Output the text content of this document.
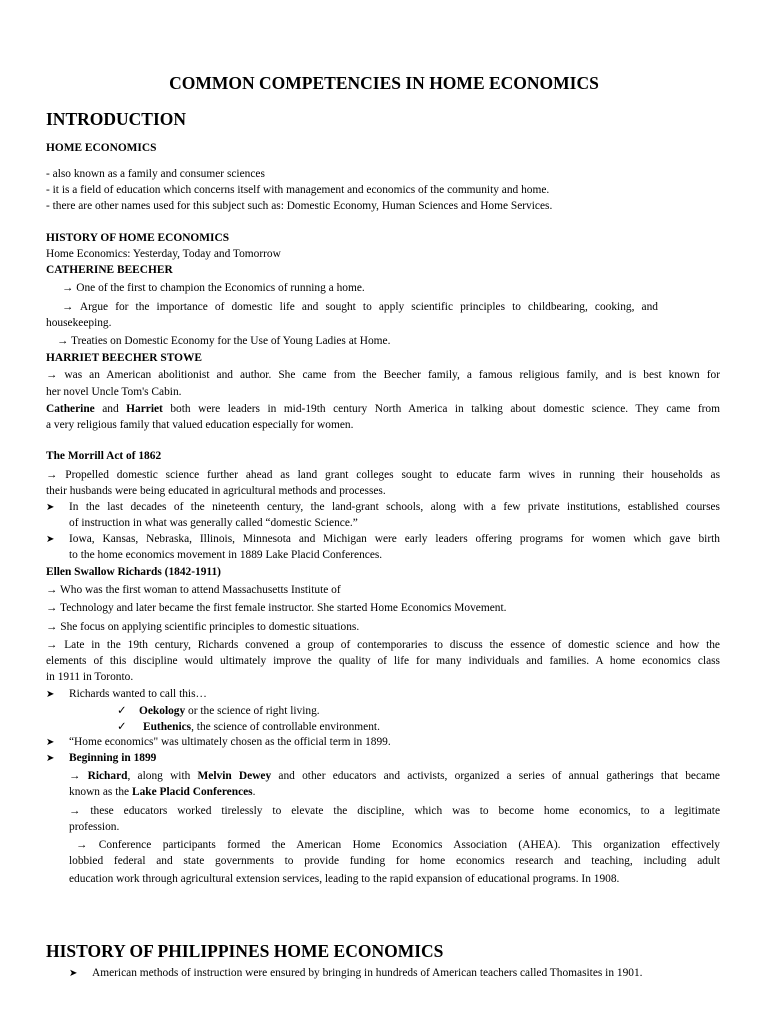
COMMON COMPETENCIES IN HOME ECONOMICS
INTRODUCTION
HOME ECONOMICS
- also known as a family and consumer sciences
- it is a field of education which concerns itself with management and economics of the community and home.
- there are other names used for this subject such as: Domestic Economy, Human Sciences and Home Services.
HISTORY OF HOME ECONOMICS
Home Economics: Yesterday, Today and Tomorrow
CATHERINE BEECHER
→ One of the first to champion the Economics of running a home.
→ Argue for the importance of domestic life and sought to apply scientific principles to childbearing, cooking, and
housekeeping.
→ Treaties on Domestic Economy for the Use of Young Ladies at Home.
HARRIET BEECHER STOWE
→ was an American abolitionist and author. She came from the Beecher family, a famous religious family, and is best known for
her novel Uncle Tom's Cabin.
Catherine and Harriet both were leaders in mid-19th century North America in talking about domestic science. They came from
a very religious family that valued education especially for women.
The Morrill Act of 1862
→ Propelled domestic science further ahead as land grant colleges sought to educate farm wives in running their households as
their husbands were being educated in agricultural methods and processes.
➤ In the last decades of the nineteenth century, the land-grant schools, along with a few private institutions, established courses
of instruction in what was generally called “domestic Science.”
➤ Iowa, Kansas, Nebraska, Illinois, Minnesota and Michigan were early leaders offering programs for women which gave birth
to the home economics movement in 1889 Lake Placid Conferences.
Ellen Swallow Richards (1842-1911)
→ Who was the first woman to attend Massachusetts Institute of
→ Technology and later became the first female instructor. She started Home Economics Movement.
→ She focus on applying scientific principles to domestic situations.
→ Late in the 19th century, Richards convened a group of contemporaries to discuss the essence of domestic science and how the
elements of this discipline would ultimately improve the quality of life for many individuals and families. A home economics class
in 1911 in Toronto.
➤ Richards wanted to call this…
✓ Oekology or the science of right living.
✓ Euthenics, the science of controllable environment.
➤ “Home economics" was ultimately chosen as the official term in 1899.
➤ Beginning in 1899
→ Richard, along with Melvin Dewey and other educators and activists, organized a series of annual gatherings that became
known as the Lake Placid Conferences.
→ these educators worked tirelessly to elevate the discipline, which was to become home economics, to a legitimate
profession.
→ Conference participants formed the American Home Economics Association (AHEA). This organization effectively
lobbied federal and state governments to provide funding for home economics research and teaching, including adult
education work through agricultural extension services, leading to the rapid expansion of educational programs. In 1908.
HISTORY OF PHILIPPINES HOME ECONOMICS
➤ American methods of instruction were ensured by bringing in hundreds of American teachers called Thomasites in 1901.
